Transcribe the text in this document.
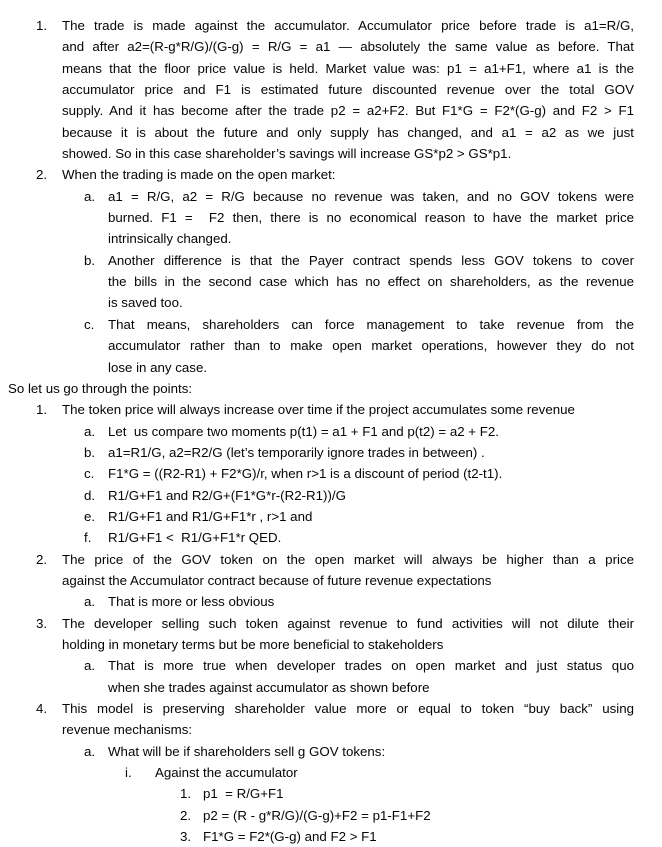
1. The trade is made against the accumulator. Accumulator price before trade is a1=R/G,
and after a2=(R-g*R/G)/(G-g) = R/G = a1 — absolutely the same value as before. That
means that the floor price value is held. Market value was: p1 = a1+F1, where a1 is the
accumulator price and F1 is estimated future discounted revenue over the total GOV
supply. And it has become after the trade p2 = a2+F2. But F1*G = F2*(G-g) and F2 > F1
because it is about the future and only supply has changed, and a1 = a2 as we just
showed. So in this case shareholder’s savings will increase GS*p2 > GS*p1.
2. When the trading is made on the open market:
a. a1 = R/G, a2 = R/G because no revenue was taken, and no GOV tokens were
burned. F1 =  F2 then, there is no economical reason to have the market price
intrinsically changed.
b. Another difference is that the Payer contract spends less GOV tokens to cover
the bills in the second case which has no effect on shareholders, as the revenue
is saved too.
c. That means, shareholders can force management to take revenue from the
accumulator rather than to make open market operations, however they do not
lose in any case.
So let us go through the points:
1. The token price will always increase over time if the project accumulates some revenue
a. Let  us compare two moments p(t1) = a1 + F1 and p(t2) = a2 + F2.
b. a1=R1/G, a2=R2/G (let’s temporarily ignore trades in between) .
c. F1*G = ((R2-R1) + F2*G)/r, when r>1 is a discount of period (t2-t1).
d. R1/G+F1 and R2/G+(F1*G*r-(R2-R1))/G
e. R1/G+F1 and R1/G+F1*r , r>1 and
f. R1/G+F1 <  R1/G+F1*r QED.
2. The price of the GOV token on the open market will always be higher than a price
against the Accumulator contract because of future revenue expectations
a. That is more or less obvious
3. The developer selling such token against revenue to fund activities will not dilute their
holding in monetary terms but be more beneficial to stakeholders
a. That is more true when developer trades on open market and just status quo
when she trades against accumulator as shown before
4. This model is preserving shareholder value more or equal to token “buy back” using
revenue mechanisms:
a. What will be if shareholders sell g GOV tokens:
i. Against the accumulator
1. p1  = R/G+F1
2. p2 = (R - g*R/G)/(G-g)+F2 = p1-F1+F2
3. F1*G = F2*(G-g) and F2 > F1
